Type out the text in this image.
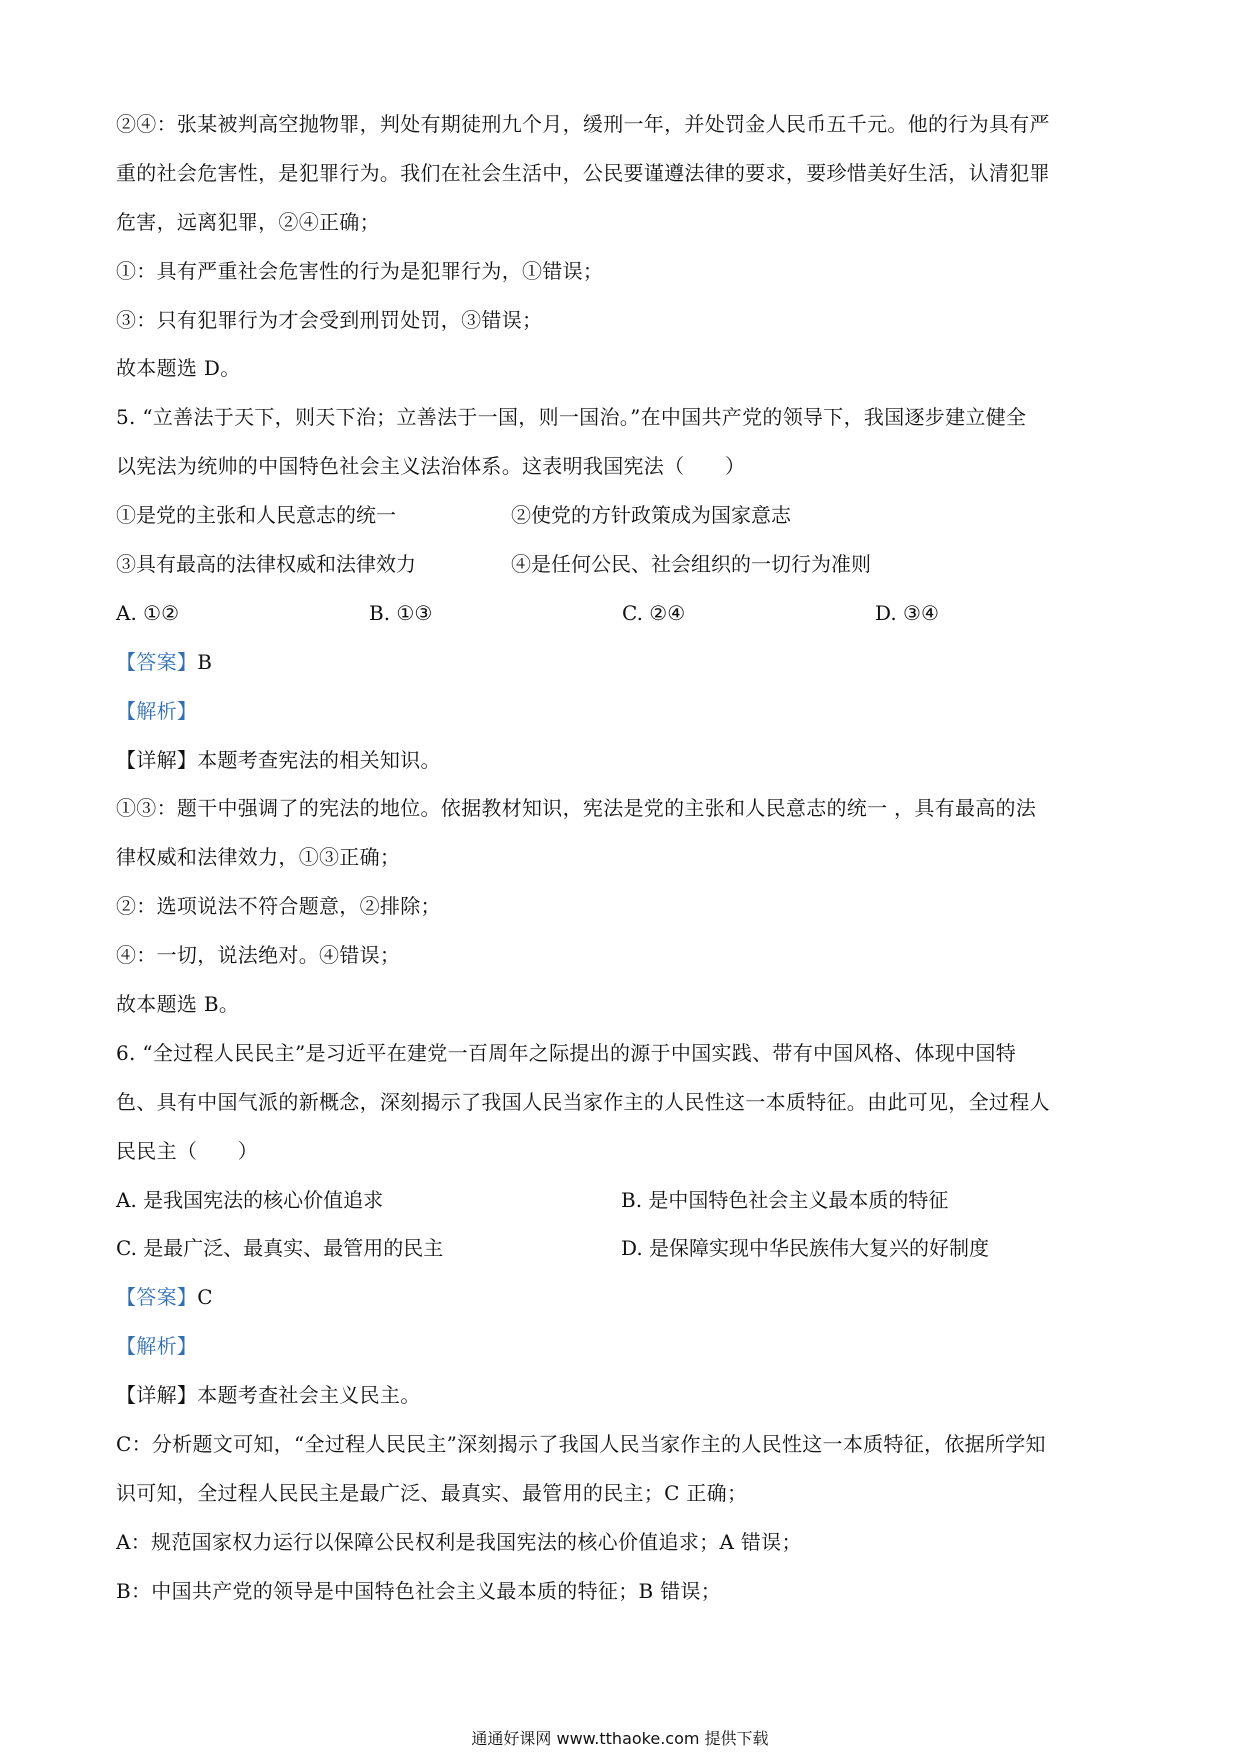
②④：张某被判高空抛物罪，判处有期徒刑九个月，缓刑一年，并处罚金人民币五千元。他的行为具有严
重的社会危害性，是犯罪行为。我们在社会生活中，公民要谨遵法律的要求，要珍惜美好生活，认清犯罪
危害，远离犯罪，②④正确；
①：具有严重社会危害性的行为是犯罪行为，①错误；
③：只有犯罪行为才会受到刑罚处罚，③错误；
故本题选 D。
5. “立善法于天下，则天下治；立善法于一国，则一国治。”在中国共产党的领导下，我国逐步建立健全
以宪法为统帅的中国特色社会主义法治体系。这表明我国宪法（　　）
①是党的主张和人民意志的统一	②使党的方针政策成为国家意志
③具有最高的法律权威和法律效力	④是任何公民、社会组织的一切行为准则
A. ①②	B. ①③	C. ②④	D. ③④
【答案】B
【解析】
【详解】本题考查宪法的相关知识。
①③：题干中强调了的宪法的地位。依据教材知识，宪法是党的主张和人民意志的统一 ，具有最高的法
律权威和法律效力，①③正确；
②：选项说法不符合题意，②排除；
④：一切，说法绝对。④错误；
故本题选 B。
6. “全过程人民民主”是习近平在建党一百周年之际提出的源于中国实践、带有中国风格、体现中国特
色、具有中国气派的新概念，深刻揭示了我国人民当家作主的人民性这一本质特征。由此可见，全过程人
民民主（　　）
A. 是我国宪法的核心价值追求	B. 是中国特色社会主义最本质的特征
C. 是最广泛、最真实、最管用的民主	D. 是保障实现中华民族伟大复兴的好制度
【答案】C
【解析】
【详解】本题考查社会主义民主。
C：分析题文可知，“全过程人民民主”深刻揭示了我国人民当家作主的人民性这一本质特征，依据所学知
识可知，全过程人民民主是最广泛、最真实、最管用的民主；C 正确；
A：规范国家权力运行以保障公民权利是我国宪法的核心价值追求；A 错误；
B：中国共产党的领导是中国特色社会主义最本质的特征；B 错误；
通通好课网 www.tthaoke.com 提供下载
